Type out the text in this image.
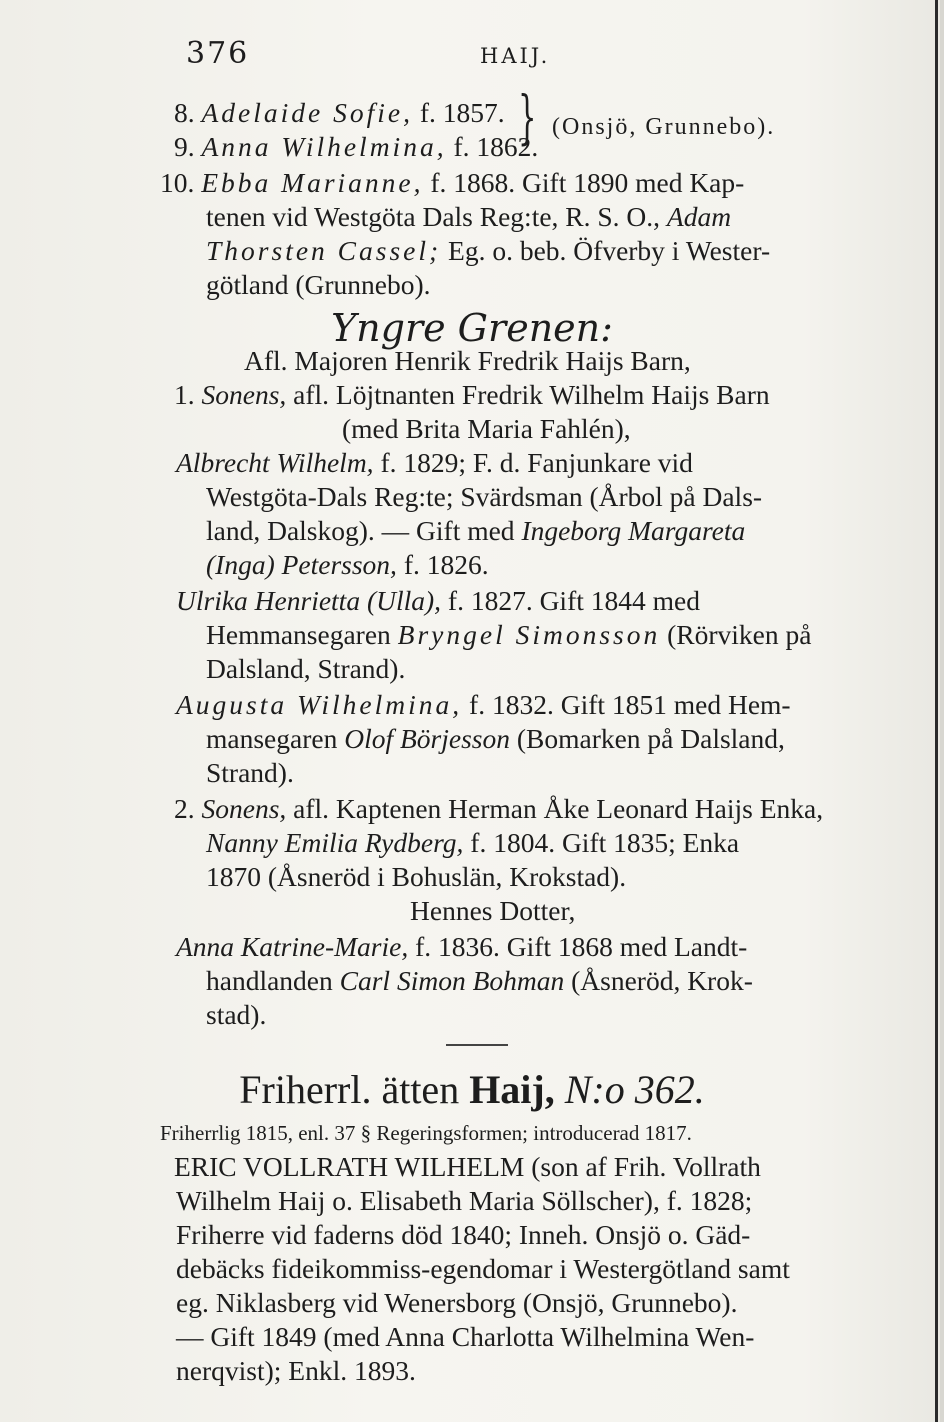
376	HAIJ.
8. Adelaide Sofie, f. 1857.
9. Anna Wilhelmina, f. 1862.
} (Onsjö, Grunnebo).
10. Ebba Marianne, f. 1868. Gift 1890 med Kap-
tenen vid Westgöta Dals Reg:te, R. S. O., Adam
Thorsten Cassel; Eg. o. beb. Öfverby i Wester-
götland (Grunnebo).
Yngre Grenen:
Afl. Majoren Henrik Fredrik Haijs Barn,
1. Sonens, afl. Löjtnanten Fredrik Wilhelm Haijs Barn
(med Brita Maria Fahlén),
Albrecht Wilhelm, f. 1829; F. d. Fanjunkare vid
Westgöta-Dals Reg:te; Svärdsman (Årbol på Dals-
land, Dalskog). — Gift med Ingeborg Margareta
(Inga) Petersson, f. 1826.
Ulrika Henrietta (Ulla), f. 1827. Gift 1844 med
Hemmansegaren Bryngel Simonsson (Rörviken på
Dalsland, Strand).
Augusta Wilhelmina, f. 1832. Gift 1851 med Hem-
mansegaren Olof Börjesson (Bomarken på Dalsland,
Strand).
2. Sonens, afl. Kaptenen Herman Åke Leonard Haijs Enka,
Nanny Emilia Rydberg, f. 1804. Gift 1835; Enka
1870 (Åsneröd i Bohuslän, Krokstad).
Hennes Dotter,
Anna Katrine-Marie, f. 1836. Gift 1868 med Landt-
handlanden Carl Simon Bohman (Åsneröd, Krok-
stad).
Friherrl. ätten Haij, N:o 362.
Friherrlig 1815, enl. 37 § Regeringsformen; introducerad 1817.
ERIC VOLLRATH WILHELM (son af Frih. Vollrath
Wilhelm Haij o. Elisabeth Maria Söllscher), f. 1828;
Friherre vid faderns död 1840; Inneh. Onsjö o. Gäd-
debäcks fideikommiss-egendomar i Westergötland samt
eg. Niklasberg vid Wenersborg (Onsjö, Grunnebo).
— Gift 1849 (med Anna Charlotta Wilhelmina Wen-
nerqvist); Enkl. 1893.
